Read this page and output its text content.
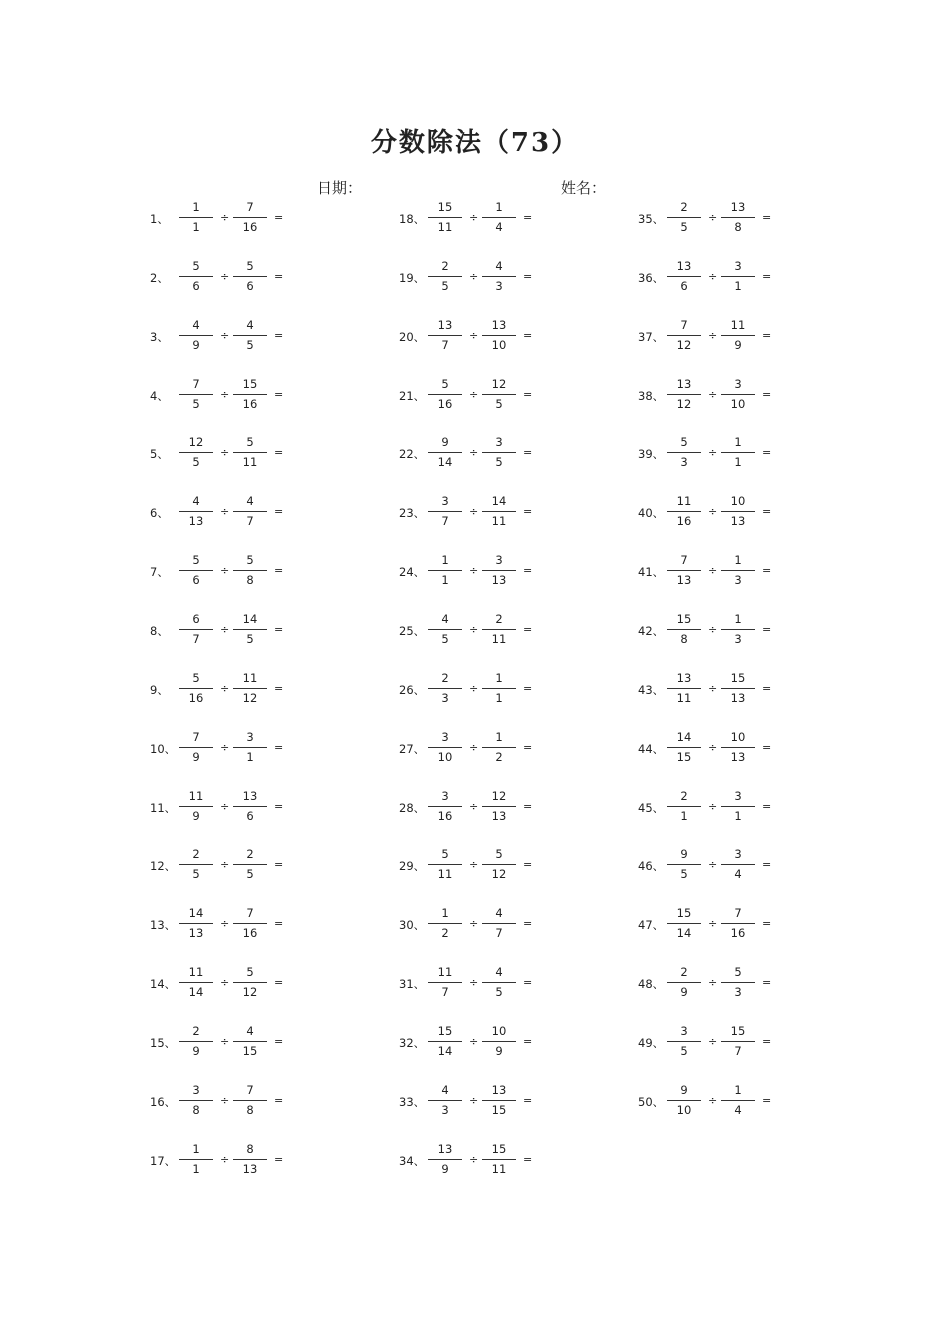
分数除法（73）
日期：	姓名：
1、
1
1
÷
7
16
=
2、
5
6
÷
5
6
=
3、
4
9
÷
4
5
=
4、
7
5
÷
15
16
=
5、
12
5
÷
5
11
=
6、
4
13
÷
4
7
=
7、
5
6
÷
5
8
=
8、
6
7
÷
14
5
=
9、
5
16
÷
11
12
=
10、
7
9
÷
3
1
=
11、
11
9
÷
13
6
=
12、
2
5
÷
2
5
=
13、
14
13
÷
7
16
=
14、
11
14
÷
5
12
=
15、
2
9
÷
4
15
=
16、
3
8
÷
7
8
=
17、
1
1
÷
8
13
=
18、
15
11
÷
1
4
=
19、
2
5
÷
4
3
=
20、
13
7
÷
13
10
=
21、
5
16
÷
12
5
=
22、
9
14
÷
3
5
=
23、
3
7
÷
14
11
=
24、
1
1
÷
3
13
=
25、
4
5
÷
2
11
=
26、
2
3
÷
1
1
=
27、
3
10
÷
1
2
=
28、
3
16
÷
12
13
=
29、
5
11
÷
5
12
=
30、
1
2
÷
4
7
=
31、
11
7
÷
4
5
=
32、
15
14
÷
10
9
=
33、
4
3
÷
13
15
=
34、
13
9
÷
15
11
=
35、
2
5
÷
13
8
=
36、
13
6
÷
3
1
=
37、
7
12
÷
11
9
=
38、
13
12
÷
3
10
=
39、
5
3
÷
1
1
=
40、
11
16
÷
10
13
=
41、
7
13
÷
1
3
=
42、
15
8
÷
1
3
=
43、
13
11
÷
15
13
=
44、
14
15
÷
10
13
=
45、
2
1
÷
3
1
=
46、
9
5
÷
3
4
=
47、
15
14
÷
7
16
=
48、
2
9
÷
5
3
=
49、
3
5
÷
15
7
=
50、
9
10
÷
1
4
=
